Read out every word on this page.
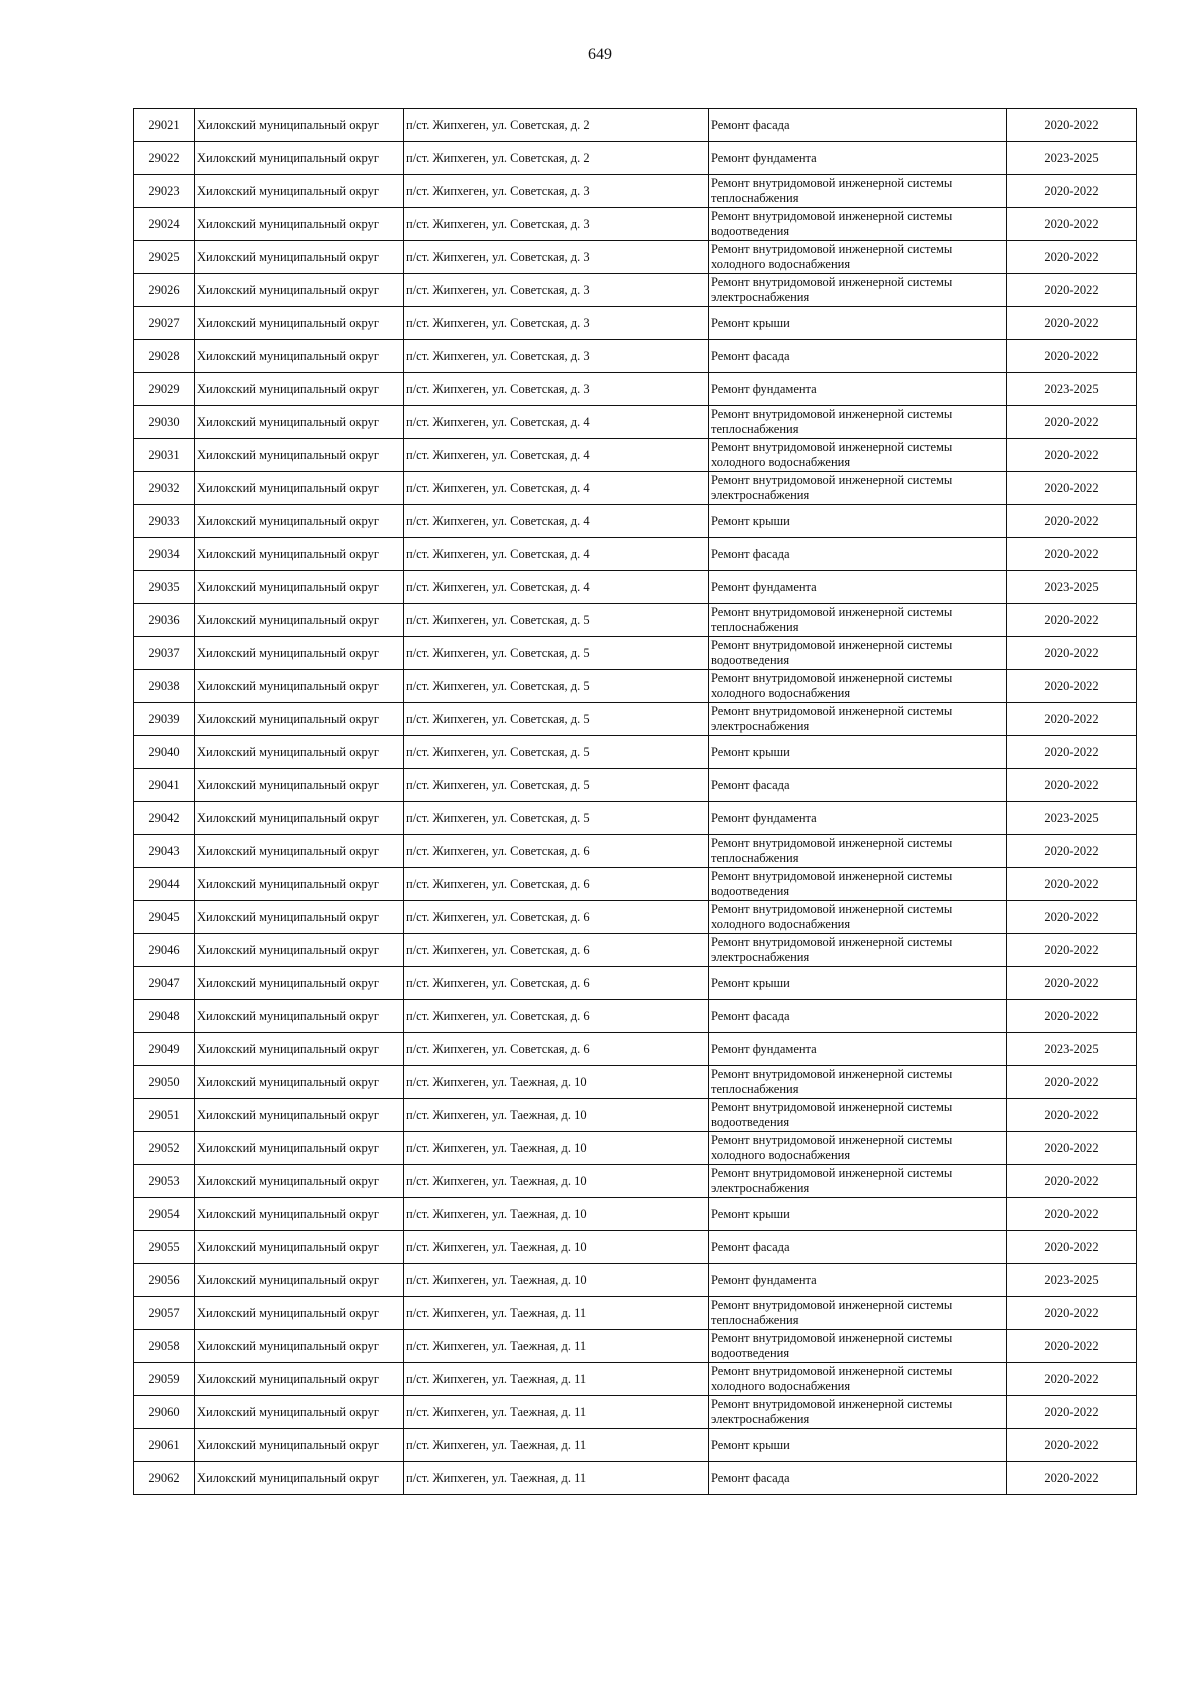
649
29021	Хилокский муниципальный округ	п/ст. Жипхеген, ул. Советская, д. 2	Ремонт фасада	2020-2022
29022	Хилокский муниципальный округ	п/ст. Жипхеген, ул. Советская, д. 2	Ремонт фундамента	2023-2025
29023	Хилокский муниципальный округ	п/ст. Жипхеген, ул. Советская, д. 3	Ремонт внутридомовой инженерной системы теплоснабжения	2020-2022
29024	Хилокский муниципальный округ	п/ст. Жипхеген, ул. Советская, д. 3	Ремонт внутридомовой инженерной системы водоотведения	2020-2022
29025	Хилокский муниципальный округ	п/ст. Жипхеген, ул. Советская, д. 3	Ремонт внутридомовой инженерной системы холодного водоснабжения	2020-2022
29026	Хилокский муниципальный округ	п/ст. Жипхеген, ул. Советская, д. 3	Ремонт внутридомовой инженерной системы электроснабжения	2020-2022
29027	Хилокский муниципальный округ	п/ст. Жипхеген, ул. Советская, д. 3	Ремонт крыши	2020-2022
29028	Хилокский муниципальный округ	п/ст. Жипхеген, ул. Советская, д. 3	Ремонт фасада	2020-2022
29029	Хилокский муниципальный округ	п/ст. Жипхеген, ул. Советская, д. 3	Ремонт фундамента	2023-2025
29030	Хилокский муниципальный округ	п/ст. Жипхеген, ул. Советская, д. 4	Ремонт внутридомовой инженерной системы теплоснабжения	2020-2022
29031	Хилокский муниципальный округ	п/ст. Жипхеген, ул. Советская, д. 4	Ремонт внутридомовой инженерной системы холодного водоснабжения	2020-2022
29032	Хилокский муниципальный округ	п/ст. Жипхеген, ул. Советская, д. 4	Ремонт внутридомовой инженерной системы электроснабжения	2020-2022
29033	Хилокский муниципальный округ	п/ст. Жипхеген, ул. Советская, д. 4	Ремонт крыши	2020-2022
29034	Хилокский муниципальный округ	п/ст. Жипхеген, ул. Советская, д. 4	Ремонт фасада	2020-2022
29035	Хилокский муниципальный округ	п/ст. Жипхеген, ул. Советская, д. 4	Ремонт фундамента	2023-2025
29036	Хилокский муниципальный округ	п/ст. Жипхеген, ул. Советская, д. 5	Ремонт внутридомовой инженерной системы теплоснабжения	2020-2022
29037	Хилокский муниципальный округ	п/ст. Жипхеген, ул. Советская, д. 5	Ремонт внутридомовой инженерной системы водоотведения	2020-2022
29038	Хилокский муниципальный округ	п/ст. Жипхеген, ул. Советская, д. 5	Ремонт внутридомовой инженерной системы холодного водоснабжения	2020-2022
29039	Хилокский муниципальный округ	п/ст. Жипхеген, ул. Советская, д. 5	Ремонт внутридомовой инженерной системы электроснабжения	2020-2022
29040	Хилокский муниципальный округ	п/ст. Жипхеген, ул. Советская, д. 5	Ремонт крыши	2020-2022
29041	Хилокский муниципальный округ	п/ст. Жипхеген, ул. Советская, д. 5	Ремонт фасада	2020-2022
29042	Хилокский муниципальный округ	п/ст. Жипхеген, ул. Советская, д. 5	Ремонт фундамента	2023-2025
29043	Хилокский муниципальный округ	п/ст. Жипхеген, ул. Советская, д. 6	Ремонт внутридомовой инженерной системы теплоснабжения	2020-2022
29044	Хилокский муниципальный округ	п/ст. Жипхеген, ул. Советская, д. 6	Ремонт внутридомовой инженерной системы водоотведения	2020-2022
29045	Хилокский муниципальный округ	п/ст. Жипхеген, ул. Советская, д. 6	Ремонт внутридомовой инженерной системы холодного водоснабжения	2020-2022
29046	Хилокский муниципальный округ	п/ст. Жипхеген, ул. Советская, д. 6	Ремонт внутридомовой инженерной системы электроснабжения	2020-2022
29047	Хилокский муниципальный округ	п/ст. Жипхеген, ул. Советская, д. 6	Ремонт крыши	2020-2022
29048	Хилокский муниципальный округ	п/ст. Жипхеген, ул. Советская, д. 6	Ремонт фасада	2020-2022
29049	Хилокский муниципальный округ	п/ст. Жипхеген, ул. Советская, д. 6	Ремонт фундамента	2023-2025
29050	Хилокский муниципальный округ	п/ст. Жипхеген, ул. Таежная, д. 10	Ремонт внутридомовой инженерной системы теплоснабжения	2020-2022
29051	Хилокский муниципальный округ	п/ст. Жипхеген, ул. Таежная, д. 10	Ремонт внутридомовой инженерной системы водоотведения	2020-2022
29052	Хилокский муниципальный округ	п/ст. Жипхеген, ул. Таежная, д. 10	Ремонт внутридомовой инженерной системы холодного водоснабжения	2020-2022
29053	Хилокский муниципальный округ	п/ст. Жипхеген, ул. Таежная, д. 10	Ремонт внутридомовой инженерной системы электроснабжения	2020-2022
29054	Хилокский муниципальный округ	п/ст. Жипхеген, ул. Таежная, д. 10	Ремонт крыши	2020-2022
29055	Хилокский муниципальный округ	п/ст. Жипхеген, ул. Таежная, д. 10	Ремонт фасада	2020-2022
29056	Хилокский муниципальный округ	п/ст. Жипхеген, ул. Таежная, д. 10	Ремонт фундамента	2023-2025
29057	Хилокский муниципальный округ	п/ст. Жипхеген, ул. Таежная, д. 11	Ремонт внутридомовой инженерной системы теплоснабжения	2020-2022
29058	Хилокский муниципальный округ	п/ст. Жипхеген, ул. Таежная, д. 11	Ремонт внутридомовой инженерной системы водоотведения	2020-2022
29059	Хилокский муниципальный округ	п/ст. Жипхеген, ул. Таежная, д. 11	Ремонт внутридомовой инженерной системы холодного водоснабжения	2020-2022
29060	Хилокский муниципальный округ	п/ст. Жипхеген, ул. Таежная, д. 11	Ремонт внутридомовой инженерной системы электроснабжения	2020-2022
29061	Хилокский муниципальный округ	п/ст. Жипхеген, ул. Таежная, д. 11	Ремонт крыши	2020-2022
29062	Хилокский муниципальный округ	п/ст. Жипхеген, ул. Таежная, д. 11	Ремонт фасада	2020-2022
